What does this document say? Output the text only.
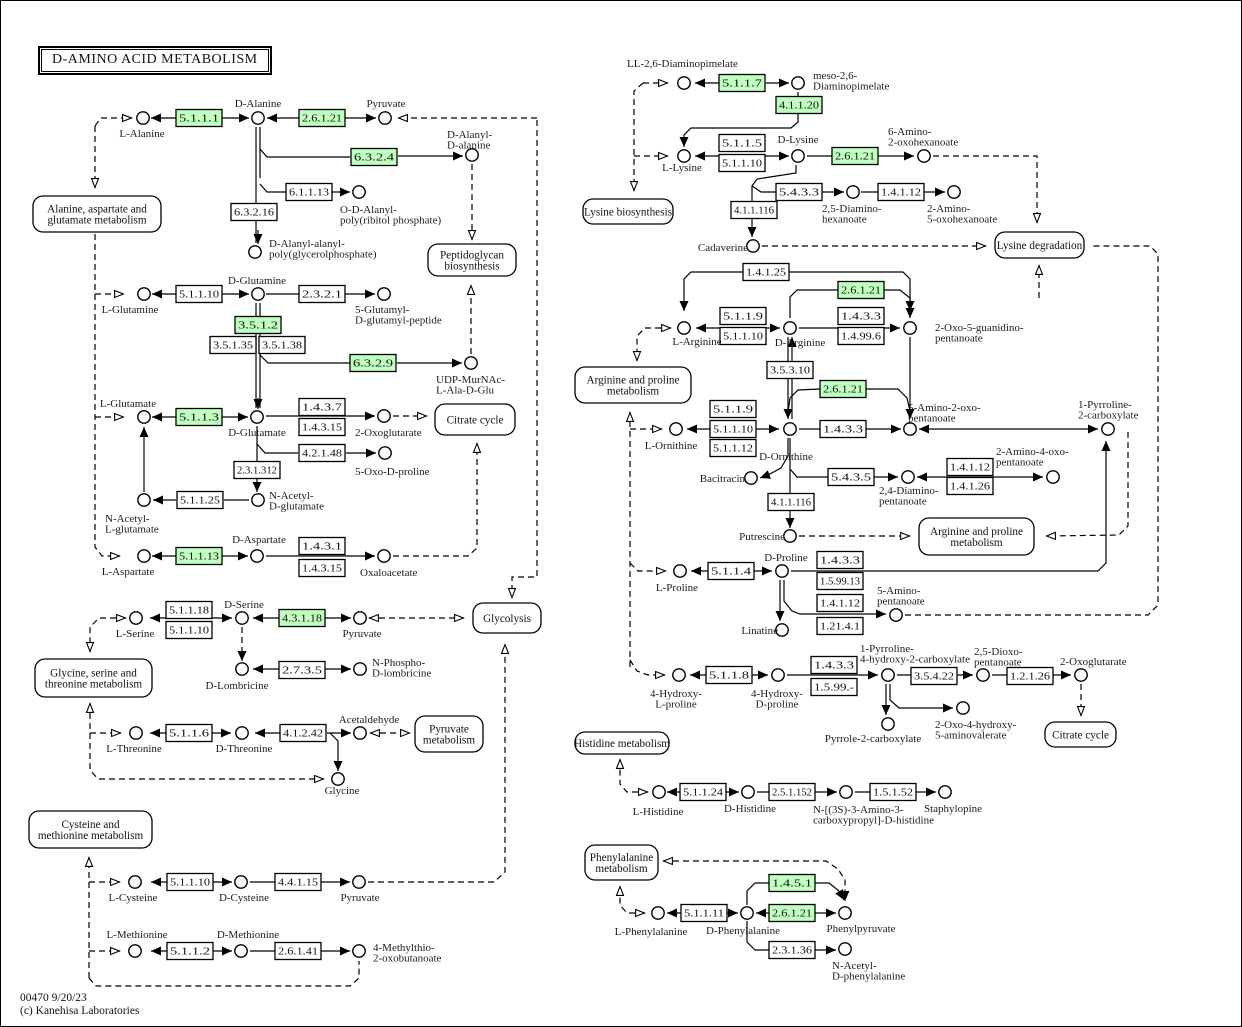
Peptidoglycan
biosynthesis
Citrate cycle
Glycolysis
Pyruvate
metabolism
Alanine, aspartate and
glutamate metabolism
Glycine, serine and
threonine metabolism
Cysteine and
methionine metabolism
Lysine biosynthesis
Lysine degradation
Arginine and proline
metabolism
Arginine and proline
metabolism
Histidine metabolism
Phenylalanine
metabolism
Citrate cycle
5.1.1.1	2.6.1.21
6.3.2.4
6.1.1.13
6.3.2.16
5.1.1.10	2.3.2.1
3.5.1.2
3.5.1.35 3.5.1.38
6.3.2.9
5.1.1.3
1.4.3.7
1.4.3.15
4.2.1.48
2.3.1.312
5.1.1.25
5.1.1.13
1.4.3.1
1.4.3.15
5.1.1.18
5.1.1.10
4.3.1.18
2.7.3.5
5.1.1.6	4.1.2.42
5.1.1.10	4.4.1.15
5.1.1.2	2.6.1.41
5.1.1.7
4.1.1.20
5.1.1.5
5.1.1.10
2.6.1.21
5.4.3.3	1.4.1.12
4.1.1.116
1.4.1.25
2.6.1.21
5.1.1.9
5.1.1.10
1.4.3.3
1.4.99.6
3.5.3.10
2.6.1.21
5.1.1.9
5.1.1.10
5.1.1.12
1.4.3.3
5.4.3.5
1.4.1.12
1.4.1.26
4.1.1.116
5.1.1.4
1.4.3.3
1.5.99.13
1.4.1.12
1.21.4.1
5.1.1.8
1.4.3.3
1.5.99.-
3.5.4.22	1.2.1.26
5.1.1.24	2.5.1.152	1.5.1.52
5.1.1.11
1.4.5.1
2.6.1.21
2.3.1.36
L-Alanine
D-Alanine	Pyruvate
D-Alanyl-D-alanine
O-D-Alanyl-poly(ribitol phosphate)
D-Alanyl-alanyl-poly(glycerolphosphate)
L-Glutamine
D-Glutamine
5-Glutamyl-D-glutamyl-peptide
UDP-MurNAc-L-Ala-D-Glu
L-Glutamate
D-Glutamate	2-Oxoglutarate
5-Oxo-D-proline
N-Acetyl-D-glutamate
N-Acetyl-L-glutamate
L-Aspartate
D-Aspartate
Oxaloacetate
L-Serine
D-Serine
Pyruvate
D-Lombricine
N-Phospho-D-lombricine
L-Threonine	D-Threonine
Acetaldehyde
Glycine
L-Cysteine	D-Cysteine	Pyruvate
L-Methionine	D-Methionine
4-Methylthio-2-oxobutanoate
LL-2,6-Diaminopimelate
meso-2,6-Diaminopimelate
L-Lysine
D-Lysine
6-Amino-2-oxohexanoate
2,5-Diamino-hexanoate
2-Amino-5-oxohexanoate
Cadaverine
L-Arginine	D-Arginine
2-Oxo-5-guanidino-pentanoate
L-Ornithine
D-Ornithine
5-Amino-2-oxo-pentanoate
1-Pyrroline-2-carboxylate
Bacitracin
2,4-Diamino-pentanoate
2-Amino-4-oxo-pentanoate
Putrescine
L-Proline
D-Proline
5-Amino-pentanoate
Linatine
4-Hydroxy-L-proline
4-Hydroxy-D-proline
1-Pyrroline-4-hydroxy-2-carboxylate
2,5-Dioxo-pentanoate	2-Oxoglutarate
Pyrrole-2-carboxylate
2-Oxo-4-hydroxy-5-aminovalerate
L-Histidine	D-Histidine	N-[(3S)-3-Amino-3-carboxypropyl]-D-histidine
Staphylopine
L-Phenylalanine D-Phenylalanine	Phenylpyruvate
N-Acetyl-D-phenylalanine
D-AMINO ACID METABOLISM
00470 9/20/23
(c) Kanehisa Laboratories
